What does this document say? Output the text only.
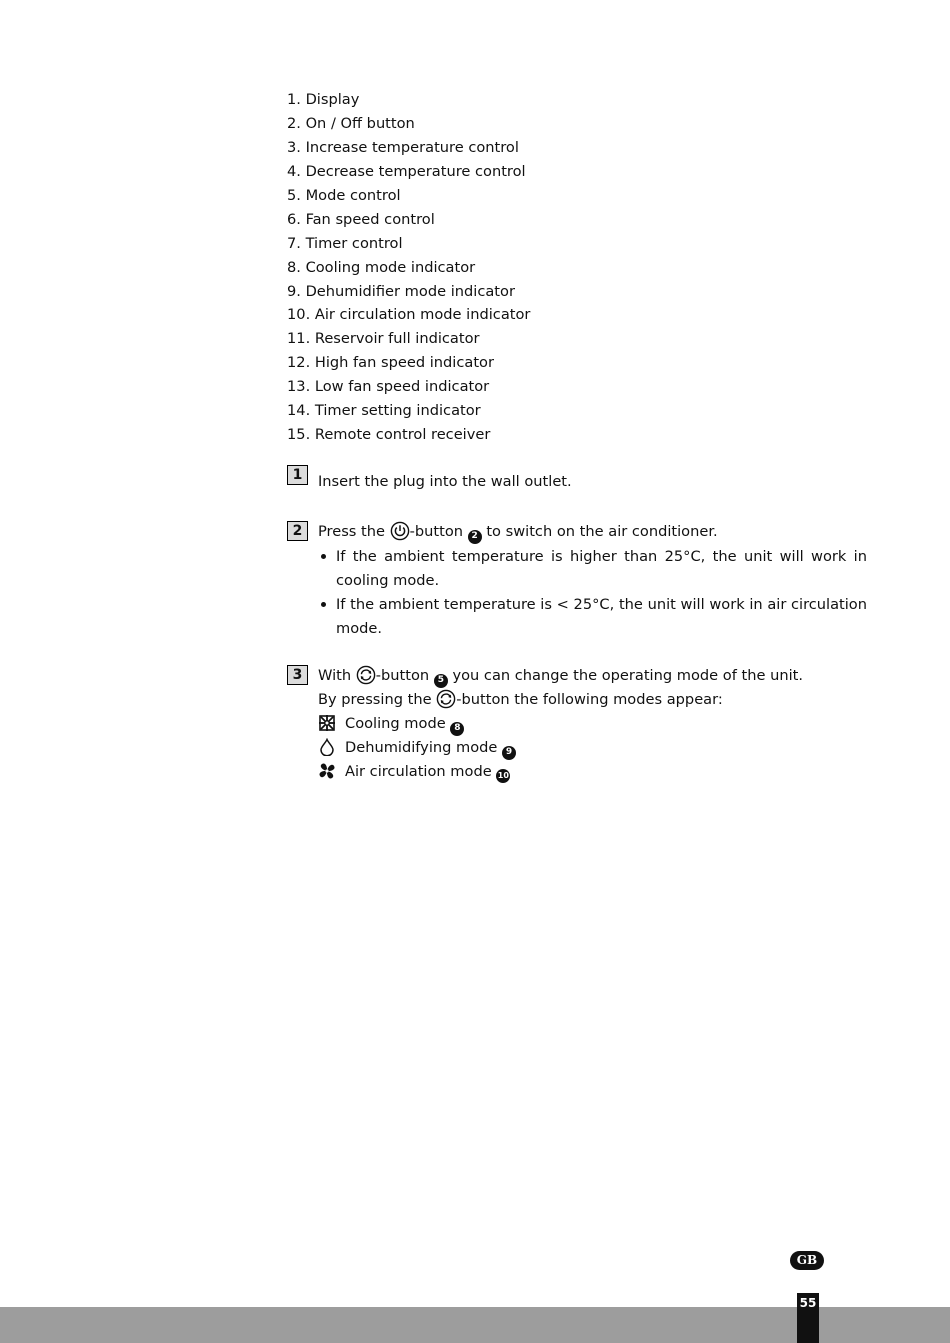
1. Display
2. On / Off button
3. Increase temperature control
4. Decrease temperature control
5. Mode control
6. Fan speed control
7. Timer control
8. Cooling mode indicator
9. Dehumidifier mode indicator
10. Air circulation mode indicator
11. Reservoir full indicator
12. High fan speed indicator
13. Low fan speed indicator
14. Timer setting indicator
15. Remote control receiver
1	Insert the plug into the wall outlet.
2	Press the -button 2 to switch on the air conditioner.
If the ambient temperature is higher than 25°C, the unit will work in cooling mode.
If the ambient temperature is < 25°C, the unit will work in air circulation mode.
3	With -button 5 you can change the operating mode of the unit.
By pressing the -button the following modes appear:
Cooling mode 8
Dehumidifying mode 9
Air circulation mode 10
GB
55
